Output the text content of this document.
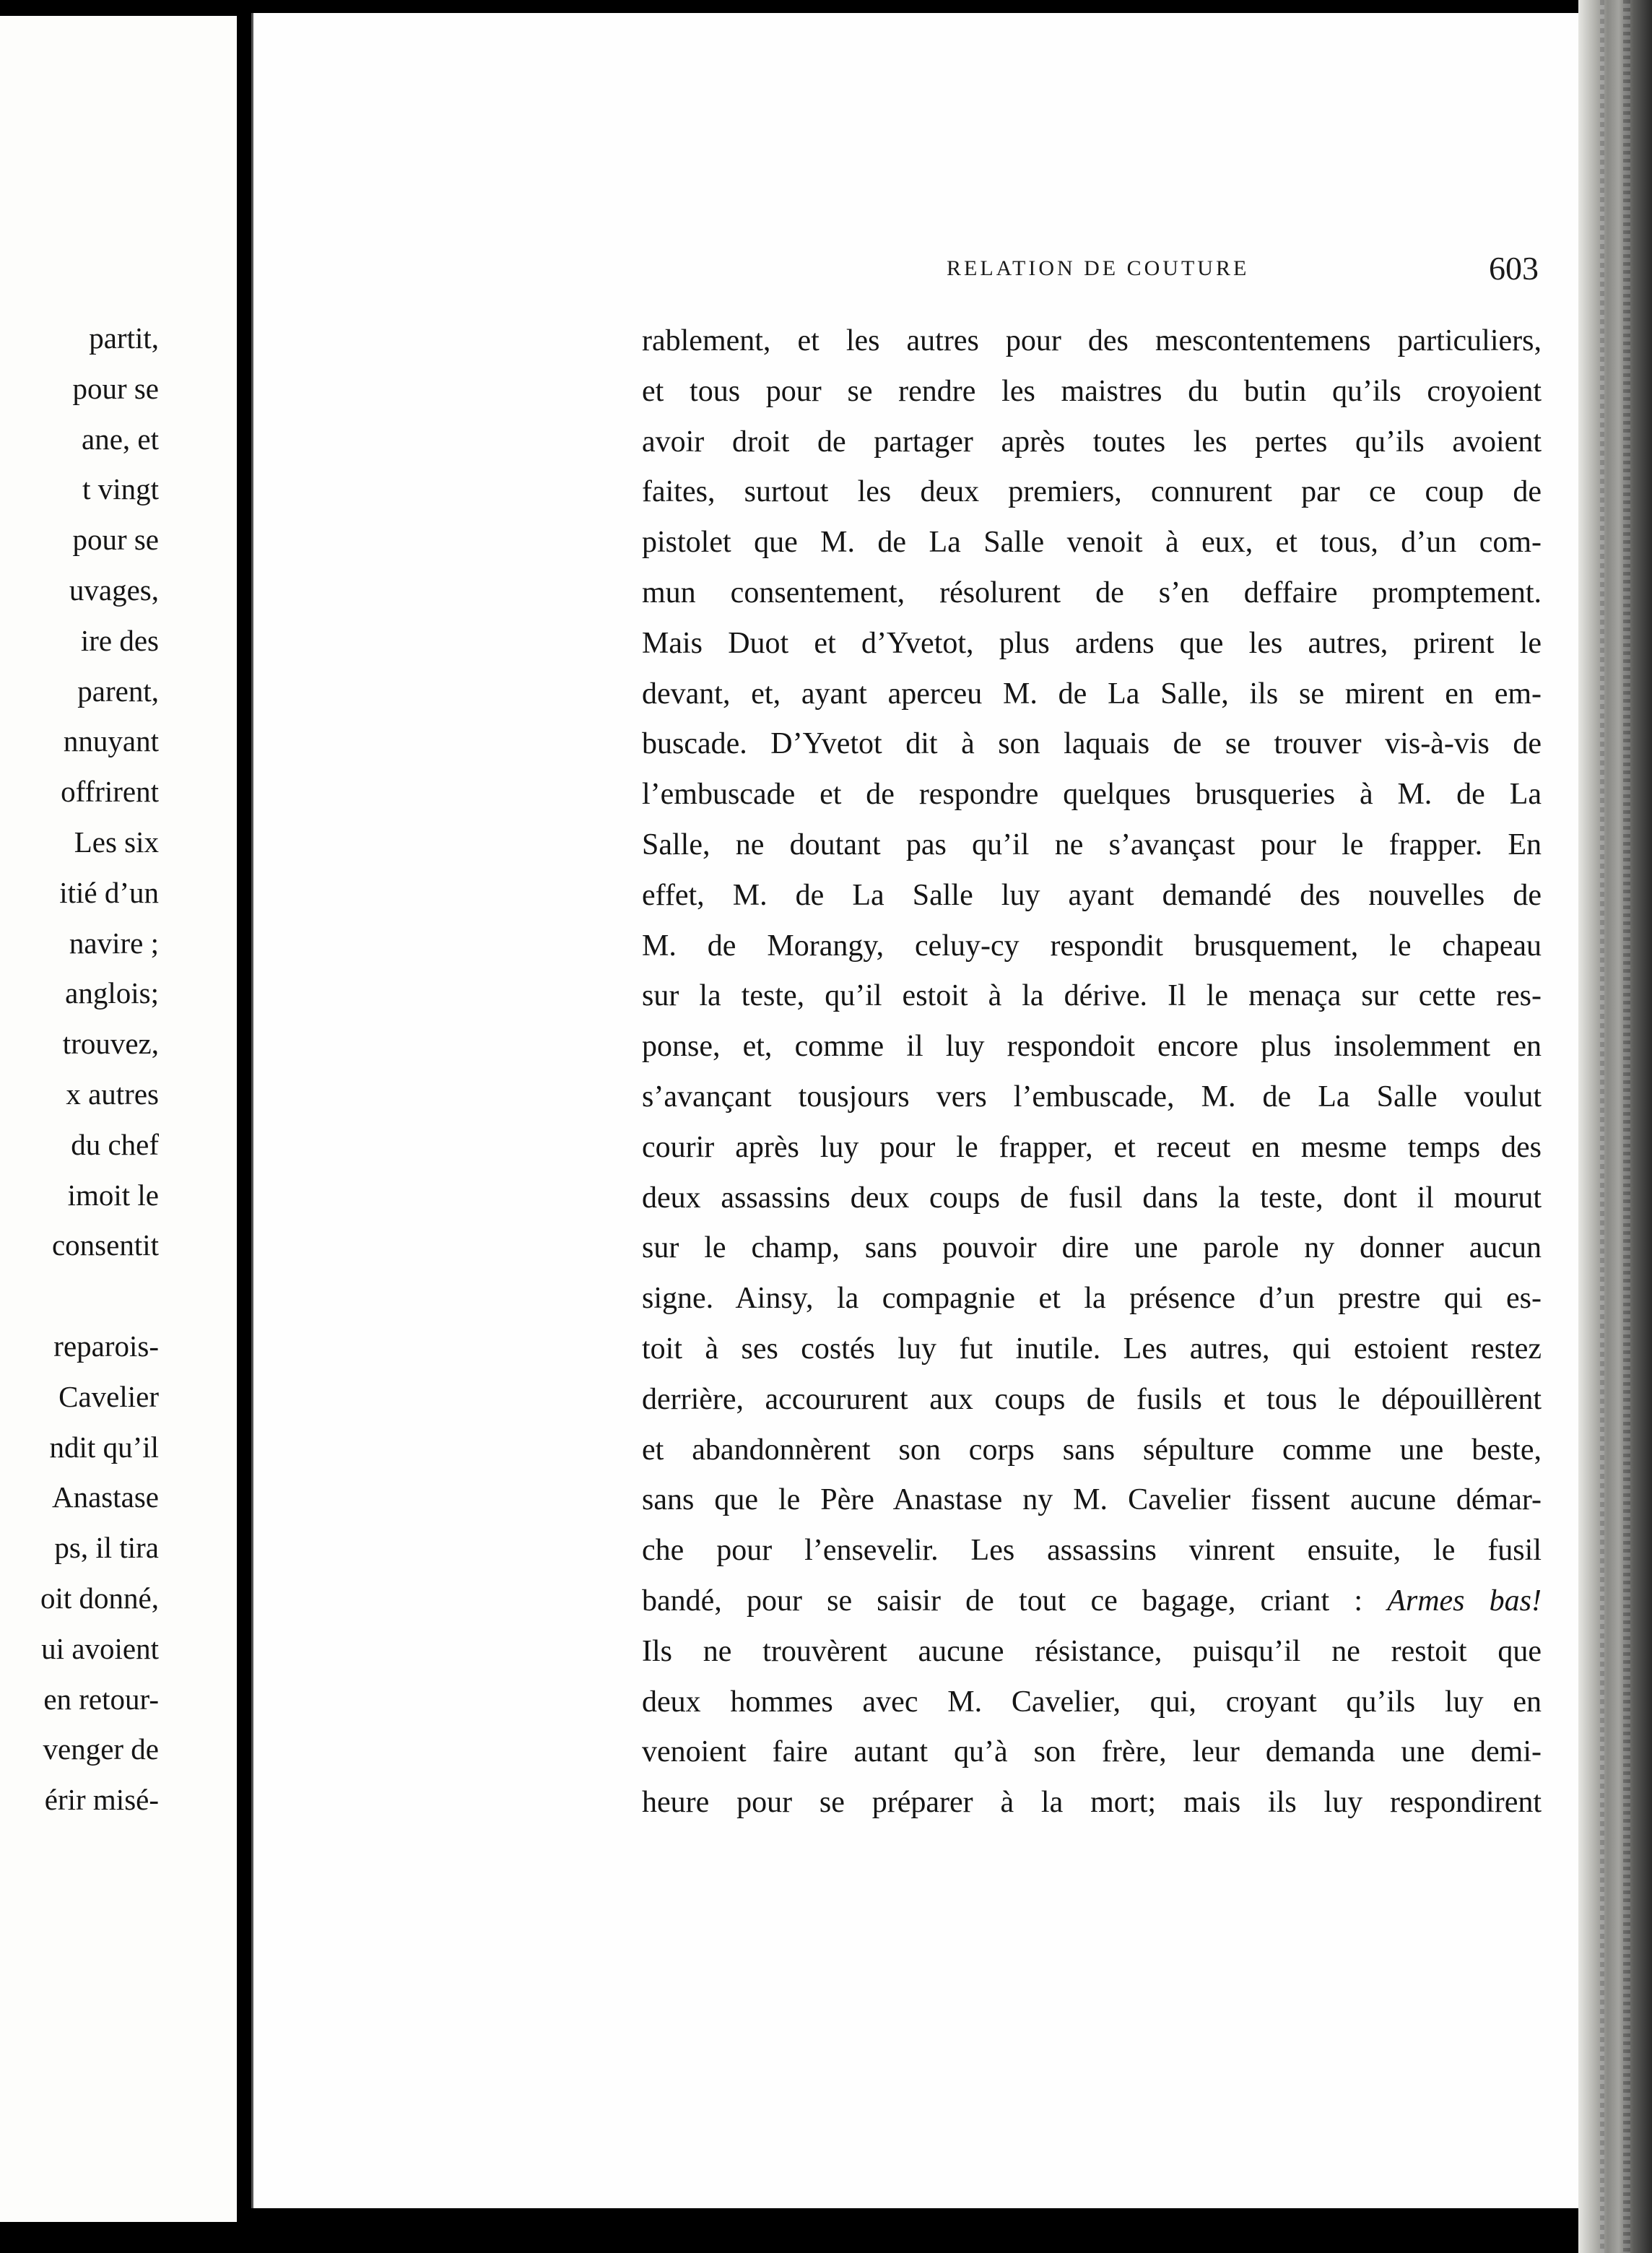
partit,
pour se
ane, et
t vingt
pour se
uvages,
ire des
parent,
nnuyant
offrirent
Les six
itié d’un
navire ;
anglois;
trouvez,
x autres
du chef
imoit le
consentit
reparois-
Cavelier
ndit qu’il
Anastase
ps, il tira
oit donné,
ui avoient
en retour-
venger de
érir misé-
RELATION DE COUTURE	603
rablement, et les autres pour des mescontentemens particuliers,
et tous pour se rendre les maistres du butin qu’ils croyoient
avoir droit de partager après toutes les pertes qu’ils avoient
faites, surtout les deux premiers, connurent par ce coup de
pistolet que M. de La Salle venoit à eux, et tous, d’un com-
mun consentement, résolurent de s’en deffaire promptement.
Mais Duot et d’Yvetot, plus ardens que les autres, prirent le
devant, et, ayant aperceu M. de La Salle, ils se mirent en em-
buscade. D’Yvetot dit à son laquais de se trouver vis-à-vis de
l’embuscade et de respondre quelques brusqueries à M. de La
Salle, ne doutant pas qu’il ne s’avançast pour le frapper. En
effet, M. de La Salle luy ayant demandé des nouvelles de
M. de Morangy, celuy-cy respondit brusquement, le chapeau
sur la teste, qu’il estoit à la dérive. Il le menaça sur cette res-
ponse, et, comme il luy respondoit encore plus insolemment en
s’avançant tousjours vers l’embuscade, M. de La Salle voulut
courir après luy pour le frapper, et receut en mesme temps des
deux assassins deux coups de fusil dans la teste, dont il mourut
sur le champ, sans pouvoir dire une parole ny donner aucun
signe. Ainsy, la compagnie et la présence d’un prestre qui es-
toit à ses costés luy fut inutile. Les autres, qui estoient restez
derrière, accoururent aux coups de fusils et tous le dépouillèrent
et abandonnèrent son corps sans sépulture comme une beste,
sans que le Père Anastase ny M. Cavelier fissent aucune démar-
che pour l’ensevelir. Les assassins vinrent ensuite, le fusil
bandé, pour se saisir de tout ce bagage, criant : Armes bas!
Ils ne trouvèrent aucune résistance, puisqu’il ne restoit que
deux hommes avec M. Cavelier, qui, croyant qu’ils luy en
venoient faire autant qu’à son frère, leur demanda une demi-
heure pour se préparer à la mort; mais ils luy respondirent
